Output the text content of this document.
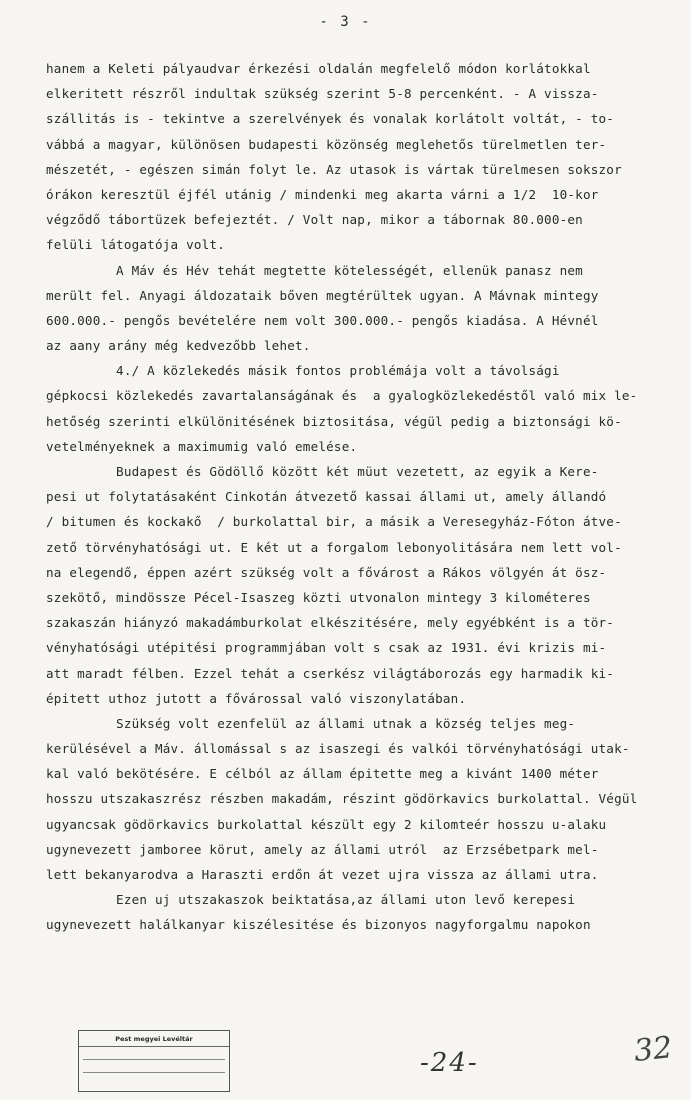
- 3 -
hanem a Keleti pályaudvar érkezési oldalán megfelelő módon korlátokkal
elkeritett részről indultak szükség szerint 5-8 percenként. - A vissza-
szállitás is - tekintve a szerelvények és vonalak korlátolt voltát, - to-
vábbá a magyar, különösen budapesti közönség meglehetős türelmetlen ter-
mészetét, - egészen simán folyt le. Az utasok is vártak türelmesen sokszor
órákon keresztül éjfél utánig / mindenki meg akarta várni a 1/2  10-kor
végződő tábortüzek befejeztét. / Volt nap, mikor a tábornak 80.000-en
felüli látogatója volt.
A Máv és Hév tehát megtette kötelességét, ellenük panasz nem
merült fel. Anyagi áldozataik bőven megtérültek ugyan. A Mávnak mintegy
600.000.- pengős bevételére nem volt 300.000.- pengős kiadása. A Hévnél
az aany arány még kedvezőbb lehet.
4./ A közlekedés másik fontos problémája volt a távolsági
gépkocsi közlekedés zavartalanságának és  a gyalogközlekedéstől való mix le-
hetőség szerinti elkülönitésének biztositása, végül pedig a biztonsági kö-
vetelményeknek a maximumig való emelése.
Budapest és Gödöllő között két müut vezetett, az egyik a Kere-
pesi ut folytatásaként Cinkotán átvezető kassai állami ut, amely állandó
/ bitumen és kockakő  / burkolattal bir, a másik a Veresegyház-Fóton átve-
zető törvényhatósági ut. E két ut a forgalom lebonyolitására nem lett vol-
na elegendő, éppen azért szükség volt a fővárost a Rákos völgyén át ösz-
szekötő, mindössze Pécel-Isaszeg közti utvonalon mintegy 3 kilométeres
szakaszán hiányzó makadámburkolat elkészitésére, mely egyébként is a tör-
vényhatósági utépitési programmjában volt s csak az 1931. évi krizis mi-
att maradt félben. Ezzel tehát a cserkész világtáborozás egy harmadik ki-
épitett uthoz jutott a fővárossal való viszonylatában.
Szükség volt ezenfelül az állami utnak a község teljes meg-
kerülésével a Máv. állomással s az isaszegi és valkói törvényhatósági utak-
kal való bekötésére. E célból az állam épitette meg a kivánt 1400 méter
hosszu utszakaszrész részben makadám, részint gödörkavics burkolattal. Végül
ugyancsak gödörkavics burkolattal készült egy 2 kilomteér hosszu u-alaku
ugynevezett jamboree körut, amely az állami utról  az Erzsébetpark mel-
lett bekanyarodva a Haraszti erdőn át vezet ujra vissza az állami utra.
Ezen uj utszakaszok beiktatása,az állami uton levő kerepesi
ugynevezett halálkanyar kiszélesitése és bizonyos nagyforgalmu napokon
Pest megyei Levéltár
-24-	32
